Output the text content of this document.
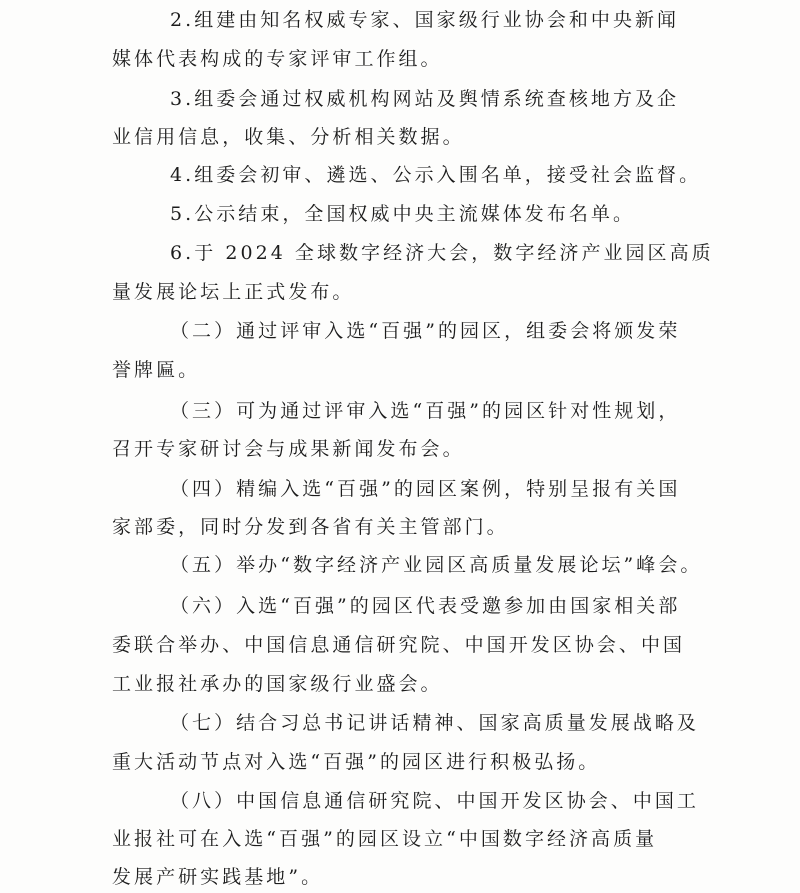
2.组建由知名权威专家、国家级行业协会和中央新闻
媒体代表构成的专家评审工作组。
3.组委会通过权威机构网站及舆情系统查核地方及企
业信用信息，收集、分析相关数据。
4.组委会初审、遴选、公示入围名单，接受社会监督。
5.公示结束，全国权威中央主流媒体发布名单。
6.于 2024 全球数字经济大会，数字经济产业园区高质
量发展论坛上正式发布。
（二）通过评审入选“百强”的园区，组委会将颁发荣
誉牌匾。
（三）可为通过评审入选“百强”的园区针对性规划，
召开专家研讨会与成果新闻发布会。
（四）精编入选“百强”的园区案例，特别呈报有关国
家部委，同时分发到各省有关主管部门。
（五）举办“数字经济产业园区高质量发展论坛”峰会。
（六）入选“百强”的园区代表受邀参加由国家相关部
委联合举办、中国信息通信研究院、中国开发区协会、中国
工业报社承办的国家级行业盛会。
（七）结合习总书记讲话精神、国家高质量发展战略及
重大活动节点对入选“百强”的园区进行积极弘扬。
（八）中国信息通信研究院、中国开发区协会、中国工
业报社可在入选“百强”的园区设立“中国数字经济高质量
发展产研实践基地”。
